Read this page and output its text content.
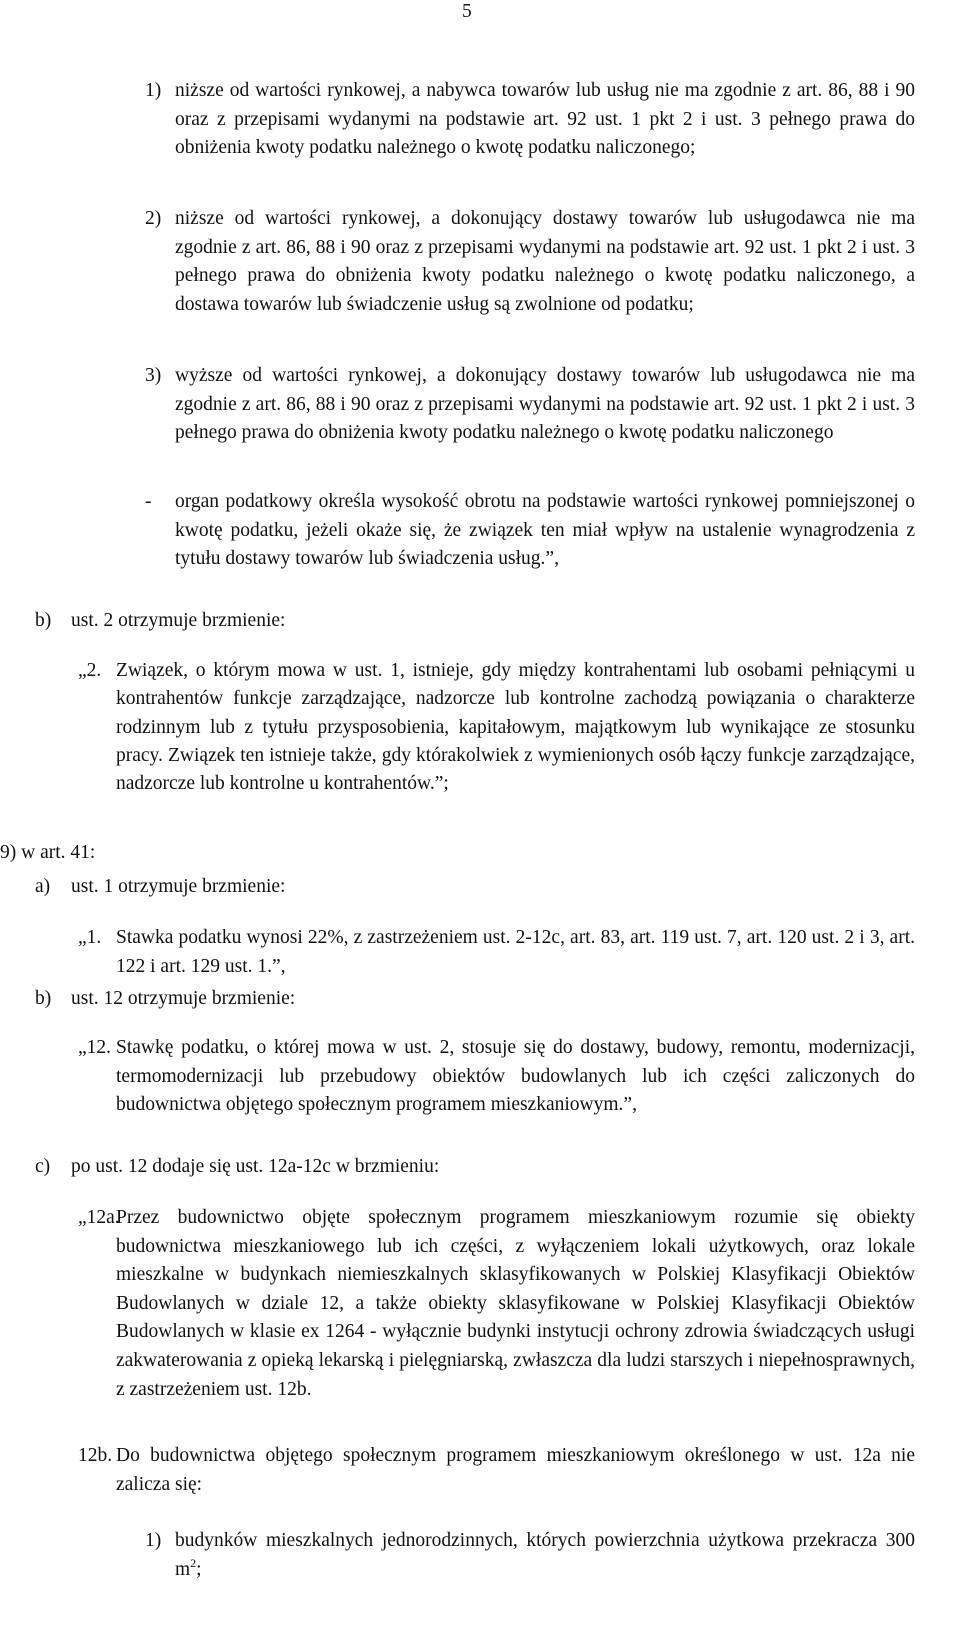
5
1) niższe od wartości rynkowej, a nabywca towarów lub usług nie ma zgodnie z art. 86, 88 i 90 oraz z przepisami wydanymi na podstawie art. 92 ust. 1 pkt 2 i ust. 3 pełnego prawa do obniżenia kwoty podatku należnego o kwotę podatku naliczonego;
2) niższe od wartości rynkowej, a dokonujący dostawy towarów lub usługodawca nie ma zgodnie z art. 86, 88 i 90 oraz z przepisami wydanymi na podstawie art. 92 ust. 1 pkt 2 i ust. 3 pełnego prawa do obniżenia kwoty podatku należnego o kwotę podatku naliczonego, a dostawa towarów lub świadczenie usług są zwolnione od podatku;
3) wyższe od wartości rynkowej, a dokonujący dostawy towarów lub usługodawca nie ma zgodnie z art. 86, 88 i 90 oraz z przepisami wydanymi na podstawie art. 92 ust. 1 pkt 2 i ust. 3 pełnego prawa do obniżenia kwoty podatku należnego o kwotę podatku naliczonego
-	organ podatkowy określa wysokość obrotu na podstawie wartości rynkowej pomniejszonej o kwotę podatku, jeżeli okaże się, że związek ten miał wpływ na ustalenie wynagrodzenia z tytułu dostawy towarów lub świadczenia usług.”,
b)	ust. 2 otrzymuje brzmienie:
„2. Związek, o którym mowa w ust. 1, istnieje, gdy między kontrahentami lub osobami pełniącymi u kontrahentów funkcje zarządzające, nadzorcze lub kontrolne zachodzą powiązania o charakterze rodzinnym lub z tytułu przysposobienia, kapitałowym, majątkowym lub wynikające ze stosunku pracy. Związek ten istnieje także, gdy którakolwiek z wymienionych osób łączy funkcje zarządzające, nadzorcze lub kontrolne u kontrahentów.”;
9) w art. 41:
a)	ust. 1 otrzymuje brzmienie:
„1. Stawka podatku wynosi 22%, z zastrzeżeniem ust. 2-12c, art. 83, art. 119 ust. 7, art. 120 ust. 2 i 3, art. 122 i art. 129 ust. 1.”,
b)	ust. 12 otrzymuje brzmienie:
„12. Stawkę podatku, o której mowa w ust. 2, stosuje się do dostawy, budowy, remontu, modernizacji, termomodernizacji lub przebudowy obiektów budowlanych lub ich części zaliczonych do budownictwa objętego społecznym programem mieszkaniowym.”,
c)	po ust. 12 dodaje się ust. 12a-12c w brzmieniu:
„12a.
Przez budownictwo objęte społecznym programem mieszkaniowym rozumie się obiekty budownictwa mieszkaniowego lub ich części, z wyłączeniem lokali użytkowych, oraz lokale mieszkalne w budynkach niemieszkalnych sklasyfikowanych w Polskiej Klasyfikacji Obiektów Budowlanych w dziale 12, a także obiekty sklasyfikowane w Polskiej Klasyfikacji Obiektów Budowlanych w klasie ex 1264 - wyłącznie budynki instytucji ochrony zdrowia świadczących usługi zakwaterowania z opieką lekarską i pielęgniarską, zwłaszcza dla ludzi starszych i niepełnosprawnych, z zastrzeżeniem ust. 12b.
12b. Do budownictwa objętego społecznym programem mieszkaniowym określonego w ust. 12a nie zalicza się:
1) budynków mieszkalnych jednorodzinnych, których powierzchnia użytkowa przekracza 300 $m^2$;
